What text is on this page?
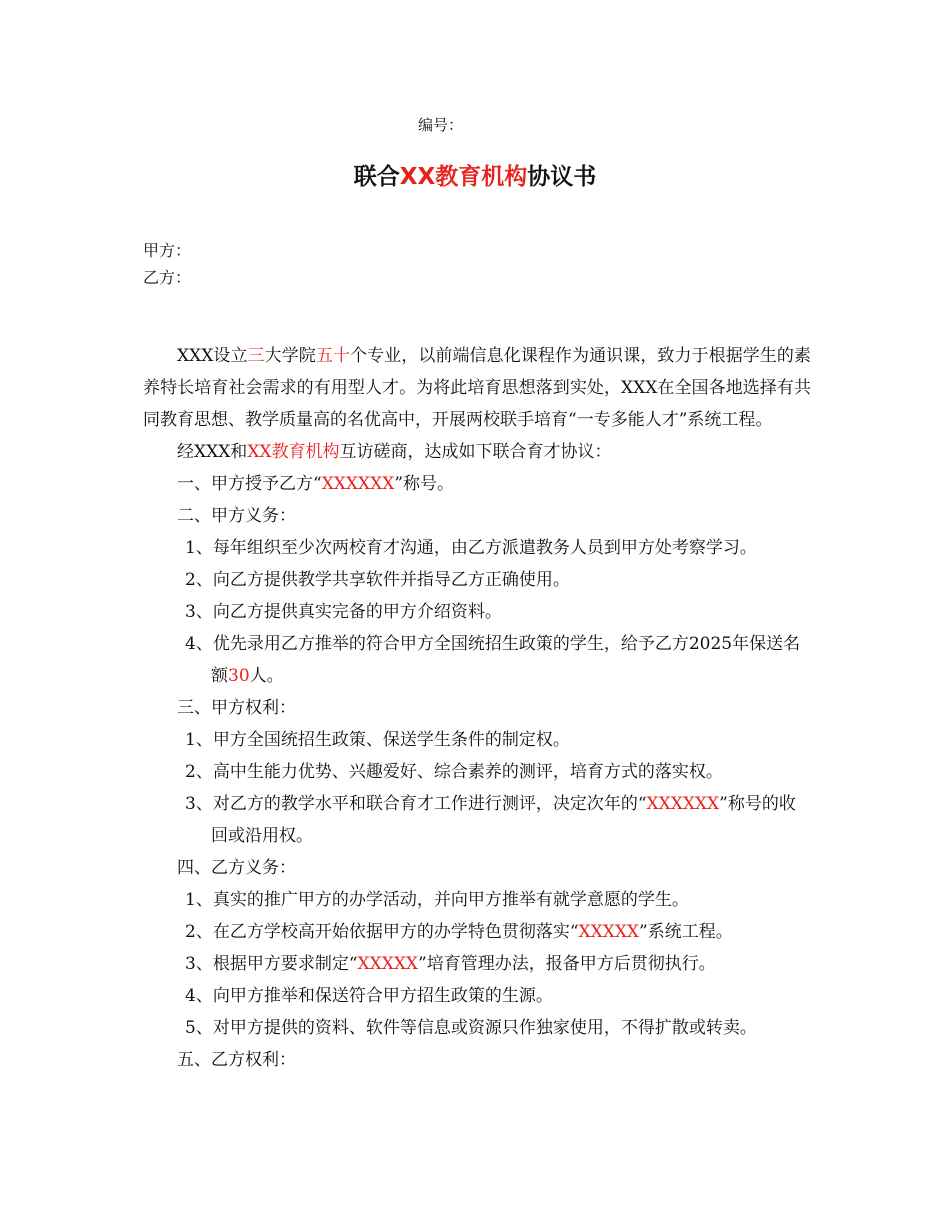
编号：
联合XX教育机构协议书
甲方：
乙方：

XXX设立三大学院五十个专业，以前端信息化课程作为通识课，致力于根据学生的素养特长培育社会需求的有用型人才。为将此培育思想落到实处，XXX在全国各地选择有共同教育思想、教学质量高的名优高中，开展两校联手培育“一专多能人才”系统工程。

经XXX和XX教育机构互访磋商，达成如下联合育才协议：

一、甲方授予乙方“XXXXXX”称号。

二、甲方义务：

1、每年组织至少次两校育才沟通，由乙方派遣教务人员到甲方处考察学习。

2、向乙方提供教学共享软件并指导乙方正确使用。

3、向乙方提供真实完备的甲方介绍资料。

4、优先录用乙方推举的符合甲方全国统招生政策的学生，给予乙方2025年保送名额30人。

三、甲方权利：

1、甲方全国统招生政策、保送学生条件的制定权。

2、高中生能力优势、兴趣爱好、综合素养的测评，培育方式的落实权。

3、对乙方的教学水平和联合育才工作进行测评，决定次年的“XXXXXX”称号的收回或沿用权。

四、乙方义务：

1、真实的推广甲方的办学活动，并向甲方推举有就学意愿的学生。

2、在乙方学校高开始依据甲方的办学特色贯彻落实“XXXXX”系统工程。

3、根据甲方要求制定“XXXXX”培育管理办法，报备甲方后贯彻执行。

4、向甲方推举和保送符合甲方招生政策的生源。

5、对甲方提供的资料、软件等信息或资源只作独家使用，不得扩散或转卖。

五、乙方权利：
